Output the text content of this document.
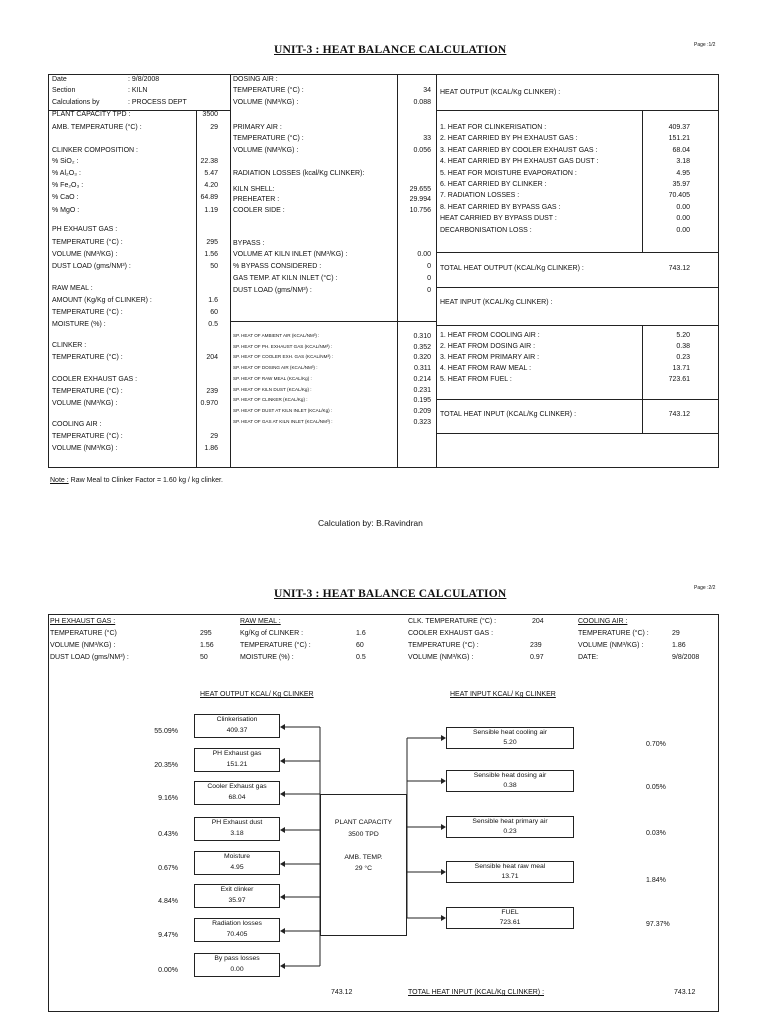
UNIT-3 : HEAT BALANCE CALCULATION	Page :1/2
Date	: 9/8/2008
Section	: KILN
Calculations by	: PROCESS DEPT
PLANT CAPACITY TPD :	3500
AMB. TEMPERATURE (°C) :	29
CLINKER COMPOSITION :
% SiO₂ :	22.38
% Al₂O₃ :	5.47
% Fe₂O₃ :	4.20
% CaO :	64.89
% MgO :	1.19
PH EXHAUST GAS :
TEMPERATURE (°C) :	295
VOLUME (NM³/KG) :	1.56
DUST LOAD (gms/NM³) :	50
RAW MEAL :
AMOUNT (Kg/Kg of CLINKER) :	1.6
TEMPERATURE (°C) :	60
MOISTURE (%) :	0.5
CLINKER :
TEMPERATURE (°C) :	204
COOLER EXHAUST GAS :
TEMPERATURE (°C) :	239
VOLUME (NM³/KG) :	0.970
COOLING AIR :
TEMPERATURE (°C) :	29
VOLUME (NM³/KG) :	1.86
DOSING AIR :
TEMPERATURE (°C) :	34
VOLUME (NM³/KG) :	0.088
PRIMARY AIR :
TEMPERATURE (°C) :	33
VOLUME (NM³/KG) :	0.056
RADIATION LOSSES (kcal/Kg CLINKER):
KILN SHELL:	29.655
PREHEATER :	29.994
COOLER SIDE :	10.756
BYPASS :
VOLUME AT KILN INLET (NM³/KG) :	0.00
% BYPASS CONSIDERED :	0
GAS TEMP. AT KILN INLET (°C) :	0
DUST LOAD (gms/NM³) :	0
SP. HEAT OF AMBIENT AIR (KCAL/NM³) :	0.310
SP. HEAT OF PH. EXHAUST GAS (KCAL/NM³) :	0.352
SP. HEAT OF COOLER EXH. GAS (KCAL/NM³) :	0.320
SP. HEAT OF DOSING AIR (KCAL/NM³) :	0.311
SP. HEAT OF RAW MEAL (KCAL/Kg) :	0.214
SP. HEAT OF KILN DUST (KCAL/Kg) :	0.231
SP. HEAT OF CLINKER (KCAL/Kg) :	0.195
SP. HEAT OF DUST AT KILN INLET (KCAL/Kg) :	0.209
SP. HEAT OF GAS AT KILN INLET (KCAL/NM³) :	0.323
HEAT OUTPUT (KCAL/Kg CLINKER) :
1. HEAT FOR CLINKERISATION :	409.37
2. HEAT CARRIED BY PH EXHAUST GAS :	151.21
3. HEAT CARRIED BY COOLER EXHAUST GAS :	68.04
4. HEAT CARRIED BY PH EXHAUST GAS DUST :	3.18
5. HEAT FOR MOISTURE EVAPORATION :	4.95
6. HEAT CARRIED BY CLINKER :	35.97
7. RADIATION LOSSES :	70.405
8. HEAT CARRIED BY BYPASS GAS :	0.00
HEAT CARRIED BY BYPASS DUST :	0.00
DECARBONISATION LOSS :	0.00
TOTAL HEAT OUTPUT (KCAL/Kg CLINKER) :	743.12
HEAT INPUT (KCAL/Kg CLINKER) :
1. HEAT FROM COOLING AIR :	5.20
2. HEAT FROM DOSING AIR :	0.38
3. HEAT FROM PRIMARY AIR :	0.23
4. HEAT FROM RAW MEAL :	13.71
5. HEAT FROM FUEL :	723.61
TOTAL HEAT INPUT (KCAL/Kg CLINKER) :	743.12
Note : Raw Meal to Clinker Factor = 1.60 kg / kg clinker.
Calculation by: B.Ravindran
UNIT-3 : HEAT BALANCE CALCULATION	Page :2/2
PH EXHAUST GAS :
TEMPERATURE (°C)	295
VOLUME (NM³/KG) :	1.56
DUST LOAD (gms/NM³) :	50
RAW MEAL :
Kg/Kg of CLINKER :	1.6
TEMPERATURE (°C) :	60
MOISTURE (%) :	0.5
CLK. TEMPERATURE (°C) :	204
COOLER EXHAUST GAS :
TEMPERATURE (°C) :	239
VOLUME (NM³/KG) :	0.97
COOLING AIR :
TEMPERATURE (°C) :	29
VOLUME (NM³/KG) :	1.86
DATE:	9/8/2008
HEAT OUTPUT KCAL/ Kg CLINKER	HEAT INPUT KCAL/ Kg CLINKER
Clinkerisation
409.37
55.09%
PH Exhaust gas
151.21
20.35%
Cooler Exhaust gas
68.04
9.16%
PH Exhaust dust
3.18
0.43%
Moisture
4.95
0.67%
Exit clinker
35.97
4.84%
Radiation losses
70.405
9.47%
By pass losses
0.00
0.00%
Sensible heat cooling air
5.20	0.70%
Sensible heat dosing air
0.38	0.05%
Sensible heat primary air
0.23	0.03%
Sensible heat raw meal
13.71
1.84%
FUEL
723.61	97.37%
PLANT CAPACITY
3500 TPD
AMB. TEMP.
29 °C
743.12	TOTAL HEAT INPUT (KCAL/Kg CLINKER) :	743.12
